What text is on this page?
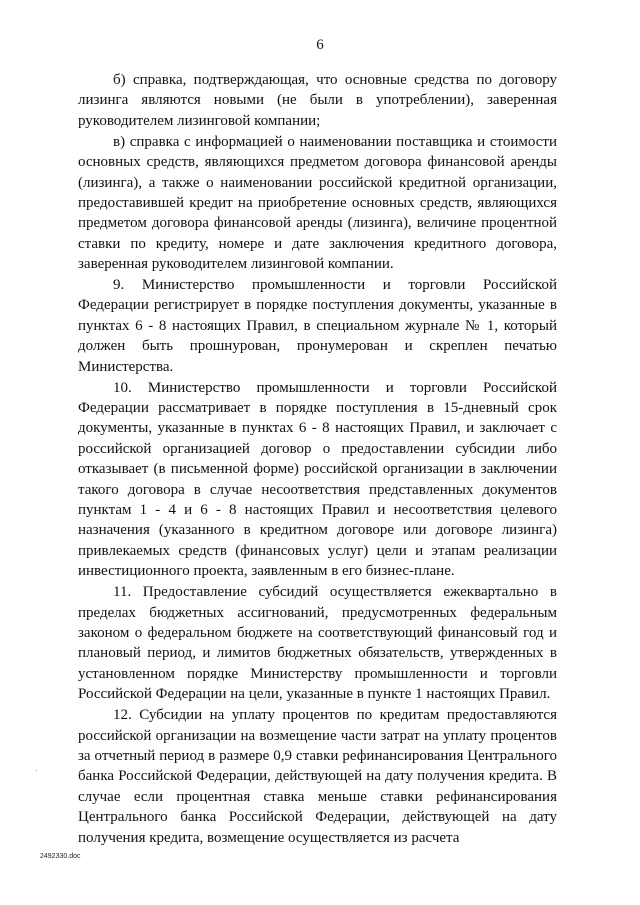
6

б) справка, подтверждающая, что основные средства по договору лизинга являются новыми (не были в употреблении), заверенная руководителем лизинговой компании;

в) справка с информацией о наименовании поставщика и стоимости основных средств, являющихся предметом договора финансовой аренды (лизинга), а также о наименовании российской кредитной организации, предоставившей кредит на приобретение основных средств, являющихся предметом договора финансовой аренды (лизинга), величине процентной ставки по кредиту, номере и дате заключения кредитного договора, заверенная руководителем лизинговой компании.

9. Министерство промышленности и торговли Российской Федерации регистрирует в порядке поступления документы, указанные в пунктах 6 - 8 настоящих Правил, в специальном журнале № 1, который должен быть прошнурован, пронумерован и скреплен печатью Министерства.

10. Министерство промышленности и торговли Российской Федерации рассматривает в порядке поступления в 15-дневный срок документы, указанные в пунктах 6 - 8 настоящих Правил, и заключает с российской организацией договор о предоставлении субсидии либо отказывает (в письменной форме) российской организации в заключении такого договора в случае несоответствия представленных документов пунктам 1 - 4 и 6 - 8 настоящих Правил и несоответствия целевого назначения (указанного в кредитном договоре или договоре лизинга) привлекаемых средств (финансовых услуг) цели и этапам реализации инвестиционного проекта, заявленным в его бизнес-плане.

11. Предоставление субсидий осуществляется ежеквартально в пределах бюджетных ассигнований, предусмотренных федеральным законом о федеральном бюджете на соответствующий финансовый год и плановый период, и лимитов бюджетных обязательств, утвержденных в установленном порядке Министерству промышленности и торговли Российской Федерации на цели, указанные в пункте 1 настоящих Правил.

12. Субсидии на уплату процентов по кредитам предоставляются российской организации на возмещение части затрат на уплату процентов за отчетный период в размере 0,9 ставки рефинансирования Центрального банка Российской Федерации, действующей на дату получения кредита. В случае если процентная ставка меньше ставки рефинансирования Центрального банка Российской Федерации, действующей на дату получения кредита, возмещение осуществляется из расчета

2492330.doc
